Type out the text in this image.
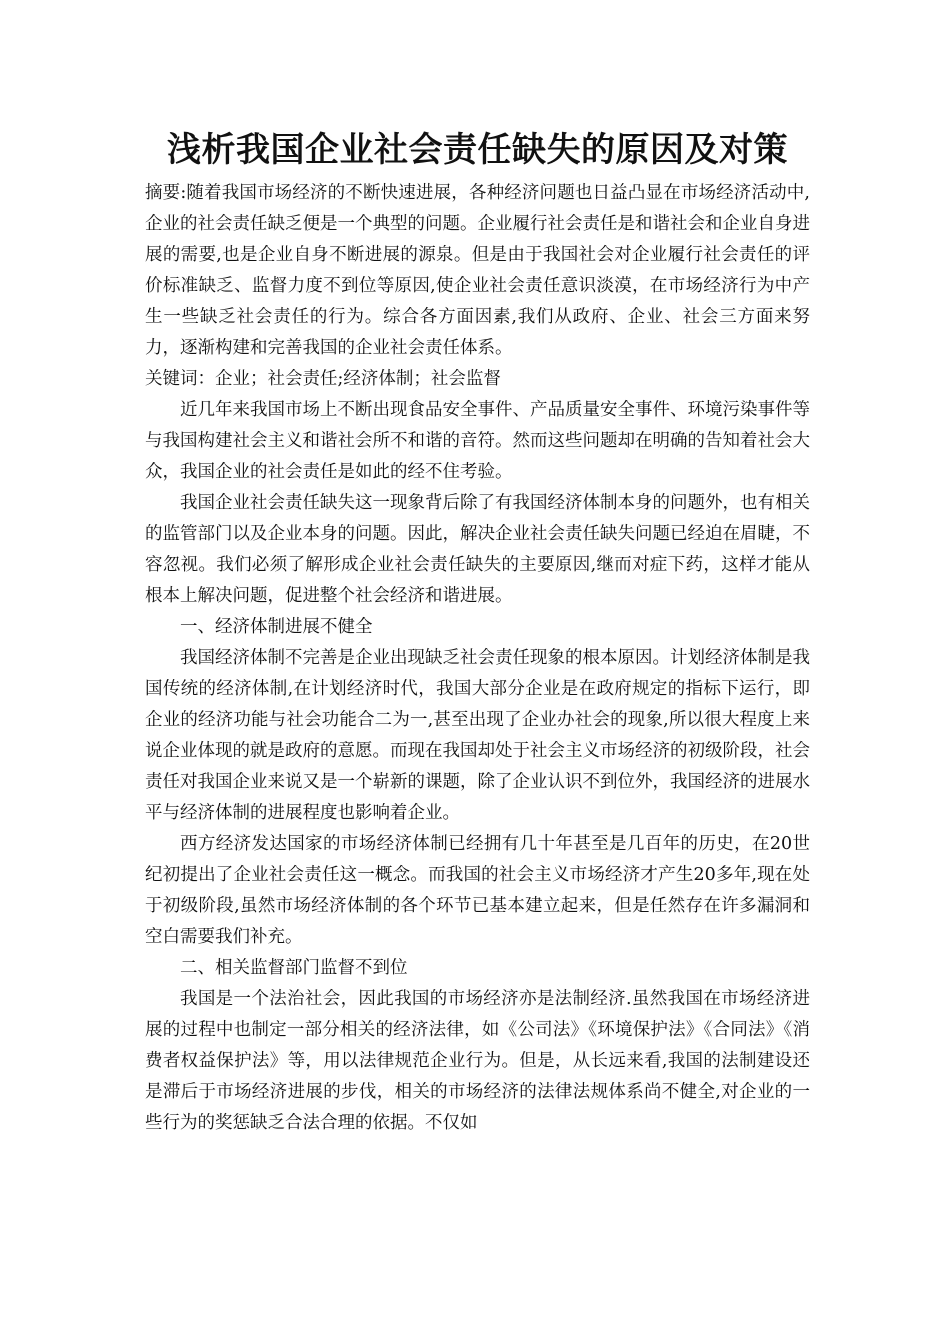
浅析我国企业社会责任缺失的原因及对策

摘要:随着我国市场经济的不断快速进展，各种经济问题也日益凸显在市场经济活动中,企业的社会责任缺乏便是一个典型的问题。企业履行社会责任是和谐社会和企业自身进展的需要,也是企业自身不断进展的源泉。但是由于我国社会对企业履行社会责任的评价标准缺乏、监督力度不到位等原因,使企业社会责任意识淡漠，在市场经济行为中产生一些缺乏社会责任的行为。综合各方面因素,我们从政府、企业、社会三方面来努力，逐渐构建和完善我国的企业社会责任体系。

关键词：企业；社会责任;经济体制；社会监督

近几年来我国市场上不断出现食品安全事件、产品质量安全事件、环境污染事件等与我国构建社会主义和谐社会所不和谐的音符。然而这些问题却在明确的告知着社会大众，我国企业的社会责任是如此的经不住考验。

我国企业社会责任缺失这一现象背后除了有我国经济体制本身的问题外，也有相关的监管部门以及企业本身的问题。因此，解决企业社会责任缺失问题已经迫在眉睫，不容忽视。我们必须了解形成企业社会责任缺失的主要原因,继而对症下药，这样才能从根本上解决问题，促进整个社会经济和谐进展。

一、经济体制进展不健全

我国经济体制不完善是企业出现缺乏社会责任现象的根本原因。计划经济体制是我国传统的经济体制,在计划经济时代，我国大部分企业是在政府规定的指标下运行，即企业的经济功能与社会功能合二为一,甚至出现了企业办社会的现象,所以很大程度上来说企业体现的就是政府的意愿。而现在我国却处于社会主义市场经济的初级阶段，社会责任对我国企业来说又是一个崭新的课题，除了企业认识不到位外，我国经济的进展水平与经济体制的进展程度也影响着企业。

西方经济发达国家的市场经济体制已经拥有几十年甚至是几百年的历史，在20世纪初提出了企业社会责任这一概念。而我国的社会主义市场经济才产生20多年,现在处于初级阶段,虽然市场经济体制的各个环节已基本建立起来，但是任然存在许多漏洞和空白需要我们补充。

二、相关监督部门监督不到位

我国是一个法治社会，因此我国的市场经济亦是法制经济.虽然我国在市场经济进展的过程中也制定一部分相关的经济法律，如《公司法》《环境保护法》《合同法》《消费者权益保护法》等，用以法律规范企业行为。但是，从长远来看,我国的法制建设还是滞后于市场经济进展的步伐，相关的市场经济的法律法规体系尚不健全,对企业的一些行为的奖惩缺乏合法合理的依据。不仅如
